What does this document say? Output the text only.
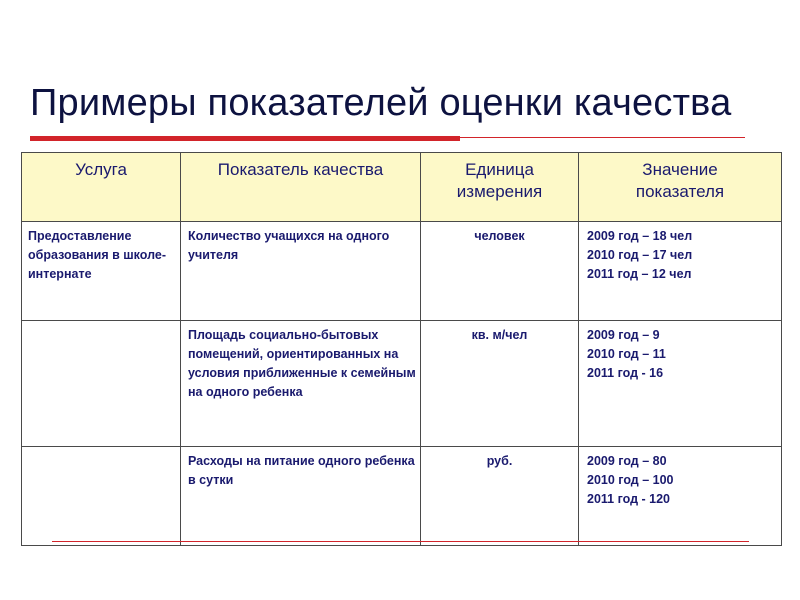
Примеры показателей оценки качества
Услуга	Показатель качества	Единица измерения	Значение показателя
Предоставление образования в школе-интернате	Количество учащихся на одного учителя	человек	2009 год – 18 чел
2010 год – 17 чел
2011 год – 12 чел

	Площадь социально-бытовых помещений, ориентированных на условия приближенные к семейным на одного ребенка	кв. м/чел	2009 год – 9
2010 год – 11
2011 год - 16

	Расходы на питание одного ребенка в сутки	руб.	2009 год – 80
2010 год – 100
2011 год - 120
